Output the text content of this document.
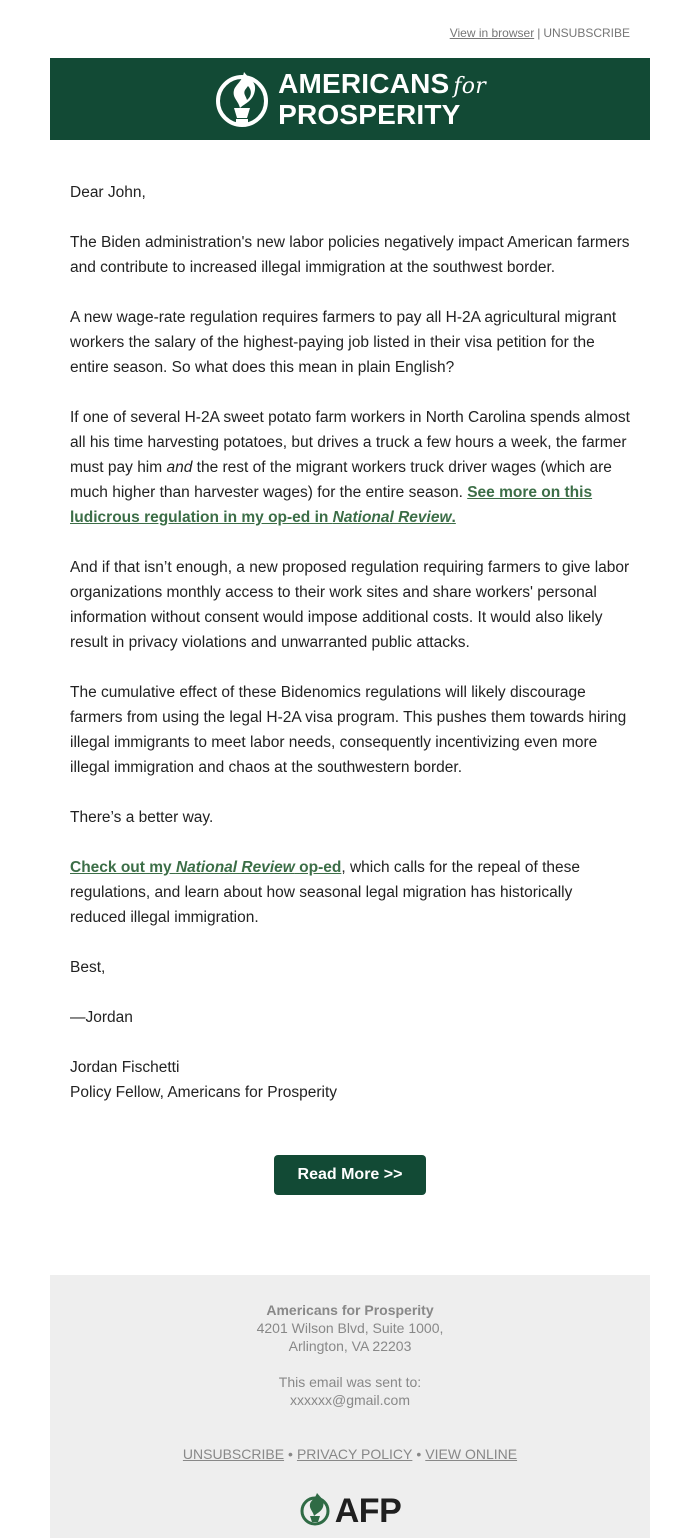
View in browser | UNSUBSCRIBE
AMERICANS for
PROSPERITY

Dear John,

The Biden administration's new labor policies negatively impact American farmers and contribute to increased illegal immigration at the southwest border.

A new wage-rate regulation requires farmers to pay all H-2A agricultural migrant workers the salary of the highest-paying job listed in their visa petition for the entire season. So what does this mean in plain English?

If one of several H-2A sweet potato farm workers in North Carolina spends almost all his time harvesting potatoes, but drives a truck a few hours a week, the farmer must pay him and the rest of the migrant workers truck driver wages (which are much higher than harvester wages) for the entire season. See more on this ludicrous regulation in my op-ed in National Review.

And if that isn’t enough, a new proposed regulation requiring farmers to give labor organizations monthly access to their work sites and share workers' personal information without consent would impose additional costs. It would also likely result in privacy violations and unwarranted public attacks.

The cumulative effect of these Bidenomics regulations will likely discourage farmers from using the legal H-2A visa program. This pushes them towards hiring illegal immigrants to meet labor needs, consequently incentivizing even more illegal immigration and chaos at the southwestern border.

There’s a better way.

Check out my National Review op-ed, which calls for the repeal of these regulations, and learn about how seasonal legal migration has historically reduced illegal immigration.

Best,

—Jordan

Jordan Fischetti

Policy Fellow, Americans for Prosperity

Read More >>
Americans for Prosperity
4201 Wilson Blvd, Suite 1000,
Arlington, VA 22203
This email was sent to:
xxxxxx@gmail.com
UNSUBSCRIBE • PRIVACY POLICY • VIEW ONLINE
AFP
